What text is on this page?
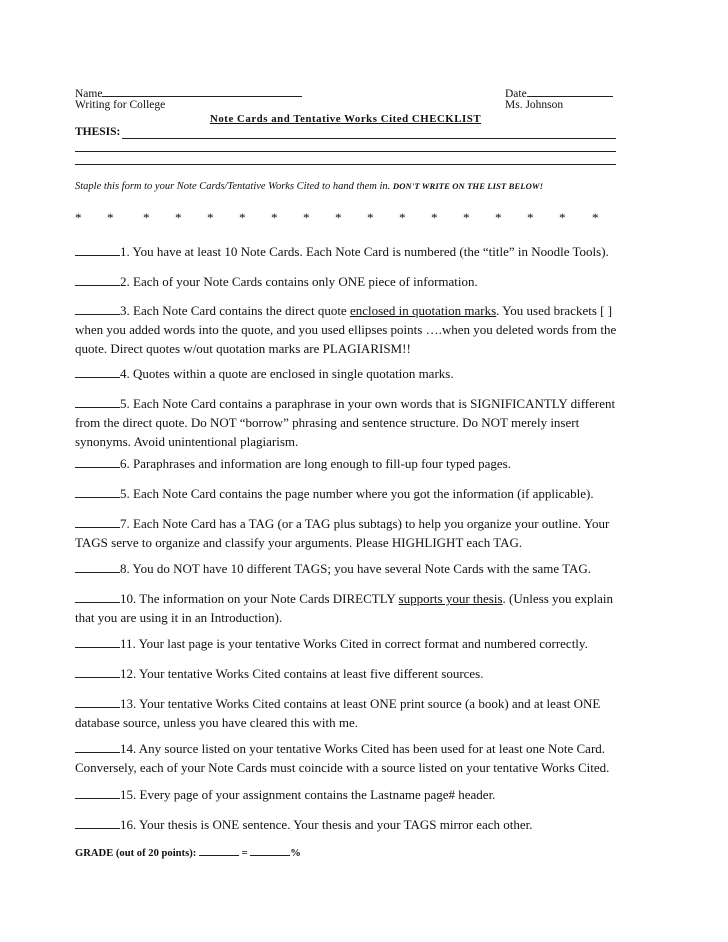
Name	Date
Writing for College	Ms. Johnson
Note Cards and Tentative Works Cited CHECKLIST
THESIS:
Staple this form to your Note Cards/Tentative Works Cited to hand them in. DON'T WRITE ON THE LIST BELOW!
* * * * * * * * * * * * * * * * *
1. You have at least 10 Note Cards. Each Note Card is numbered (the “title” in Noodle Tools).
2. Each of your Note Cards contains only ONE piece of information.
3. Each Note Card contains the direct quote enclosed in quotation marks. You used brackets [ ] when you added words into the quote, and you used ellipses points ….when you deleted words from the quote. Direct quotes w/out quotation marks are PLAGIARISM!!
4. Quotes within a quote are enclosed in single quotation marks.
5. Each Note Card contains a paraphrase in your own words that is SIGNIFICANTLY different from the direct quote. Do NOT “borrow” phrasing and sentence structure. Do NOT merely insert synonyms. Avoid unintentional plagiarism.
6. Paraphrases and information are long enough to fill-up four typed pages.
5. Each Note Card contains the page number where you got the information (if applicable).
7. Each Note Card has a TAG (or a TAG plus subtags) to help you organize your outline. Your TAGS serve to organize and classify your arguments. Please HIGHLIGHT each TAG.
8. You do NOT have 10 different TAGS; you have several Note Cards with the same TAG.
10. The information on your Note Cards DIRECTLY supports your thesis. (Unless you explain that you are using it in an Introduction).
11. Your last page is your tentative Works Cited in correct format and numbered correctly.
12. Your tentative Works Cited contains at least five different sources.
13. Your tentative Works Cited contains at least ONE print source (a book) and at least ONE database source, unless you have cleared this with me.
14. Any source listed on your tentative Works Cited has been used for at least one Note Card. Conversely, each of your Note Cards must coincide with a source listed on your tentative Works Cited.
15. Every page of your assignment contains the Lastname page# header.
16. Your thesis is ONE sentence. Your thesis and your TAGS mirror each other.
GRADE (out of 20 points):	=	%
